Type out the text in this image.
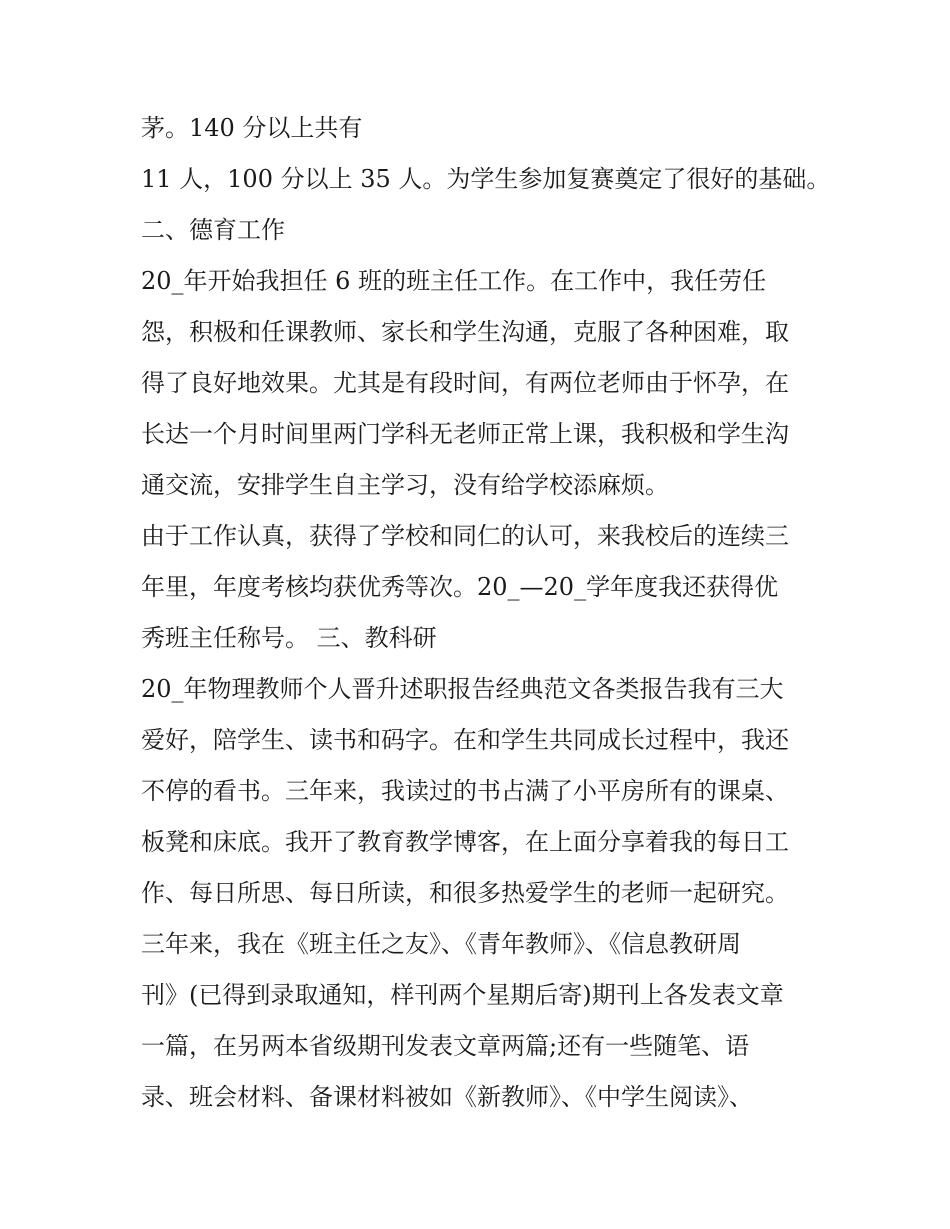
茅。140 分以上共有
11 人，100 分以上 35 人。为学生参加复赛奠定了很好的基础。
二、德育工作
20_年开始我担任 6 班的班主任工作。在工作中，我任劳任
怨，积极和任课教师、家长和学生沟通，克服了各种困难，取
得了良好地效果。尤其是有段时间，有两位老师由于怀孕，在
长达一个月时间里两门学科无老师正常上课，我积极和学生沟
通交流，安排学生自主学习，没有给学校添麻烦。
由于工作认真，获得了学校和同仁的认可，来我校后的连续三
年里，年度考核均获优秀等次。20_—20_学年度我还获得优
秀班主任称号。 三、教科研
20_年物理教师个人晋升述职报告经典范文各类报告我有三大
爱好，陪学生、读书和码字。在和学生共同成长过程中，我还
不停的看书。三年来，我读过的书占满了小平房所有的课桌、
板凳和床底。我开了教育教学博客，在上面分享着我的每日工
作、每日所思、每日所读，和很多热爱学生的老师一起研究。
三年来，我在《班主任之友》、《青年教师》、《信息教研周
刊》(已得到录取通知，样刊两个星期后寄)期刊上各发表文章
一篇，在另两本省级期刊发表文章两篇;还有一些随笔、语
录、班会材料、备课材料被如《新教师》、《中学生阅读》、
